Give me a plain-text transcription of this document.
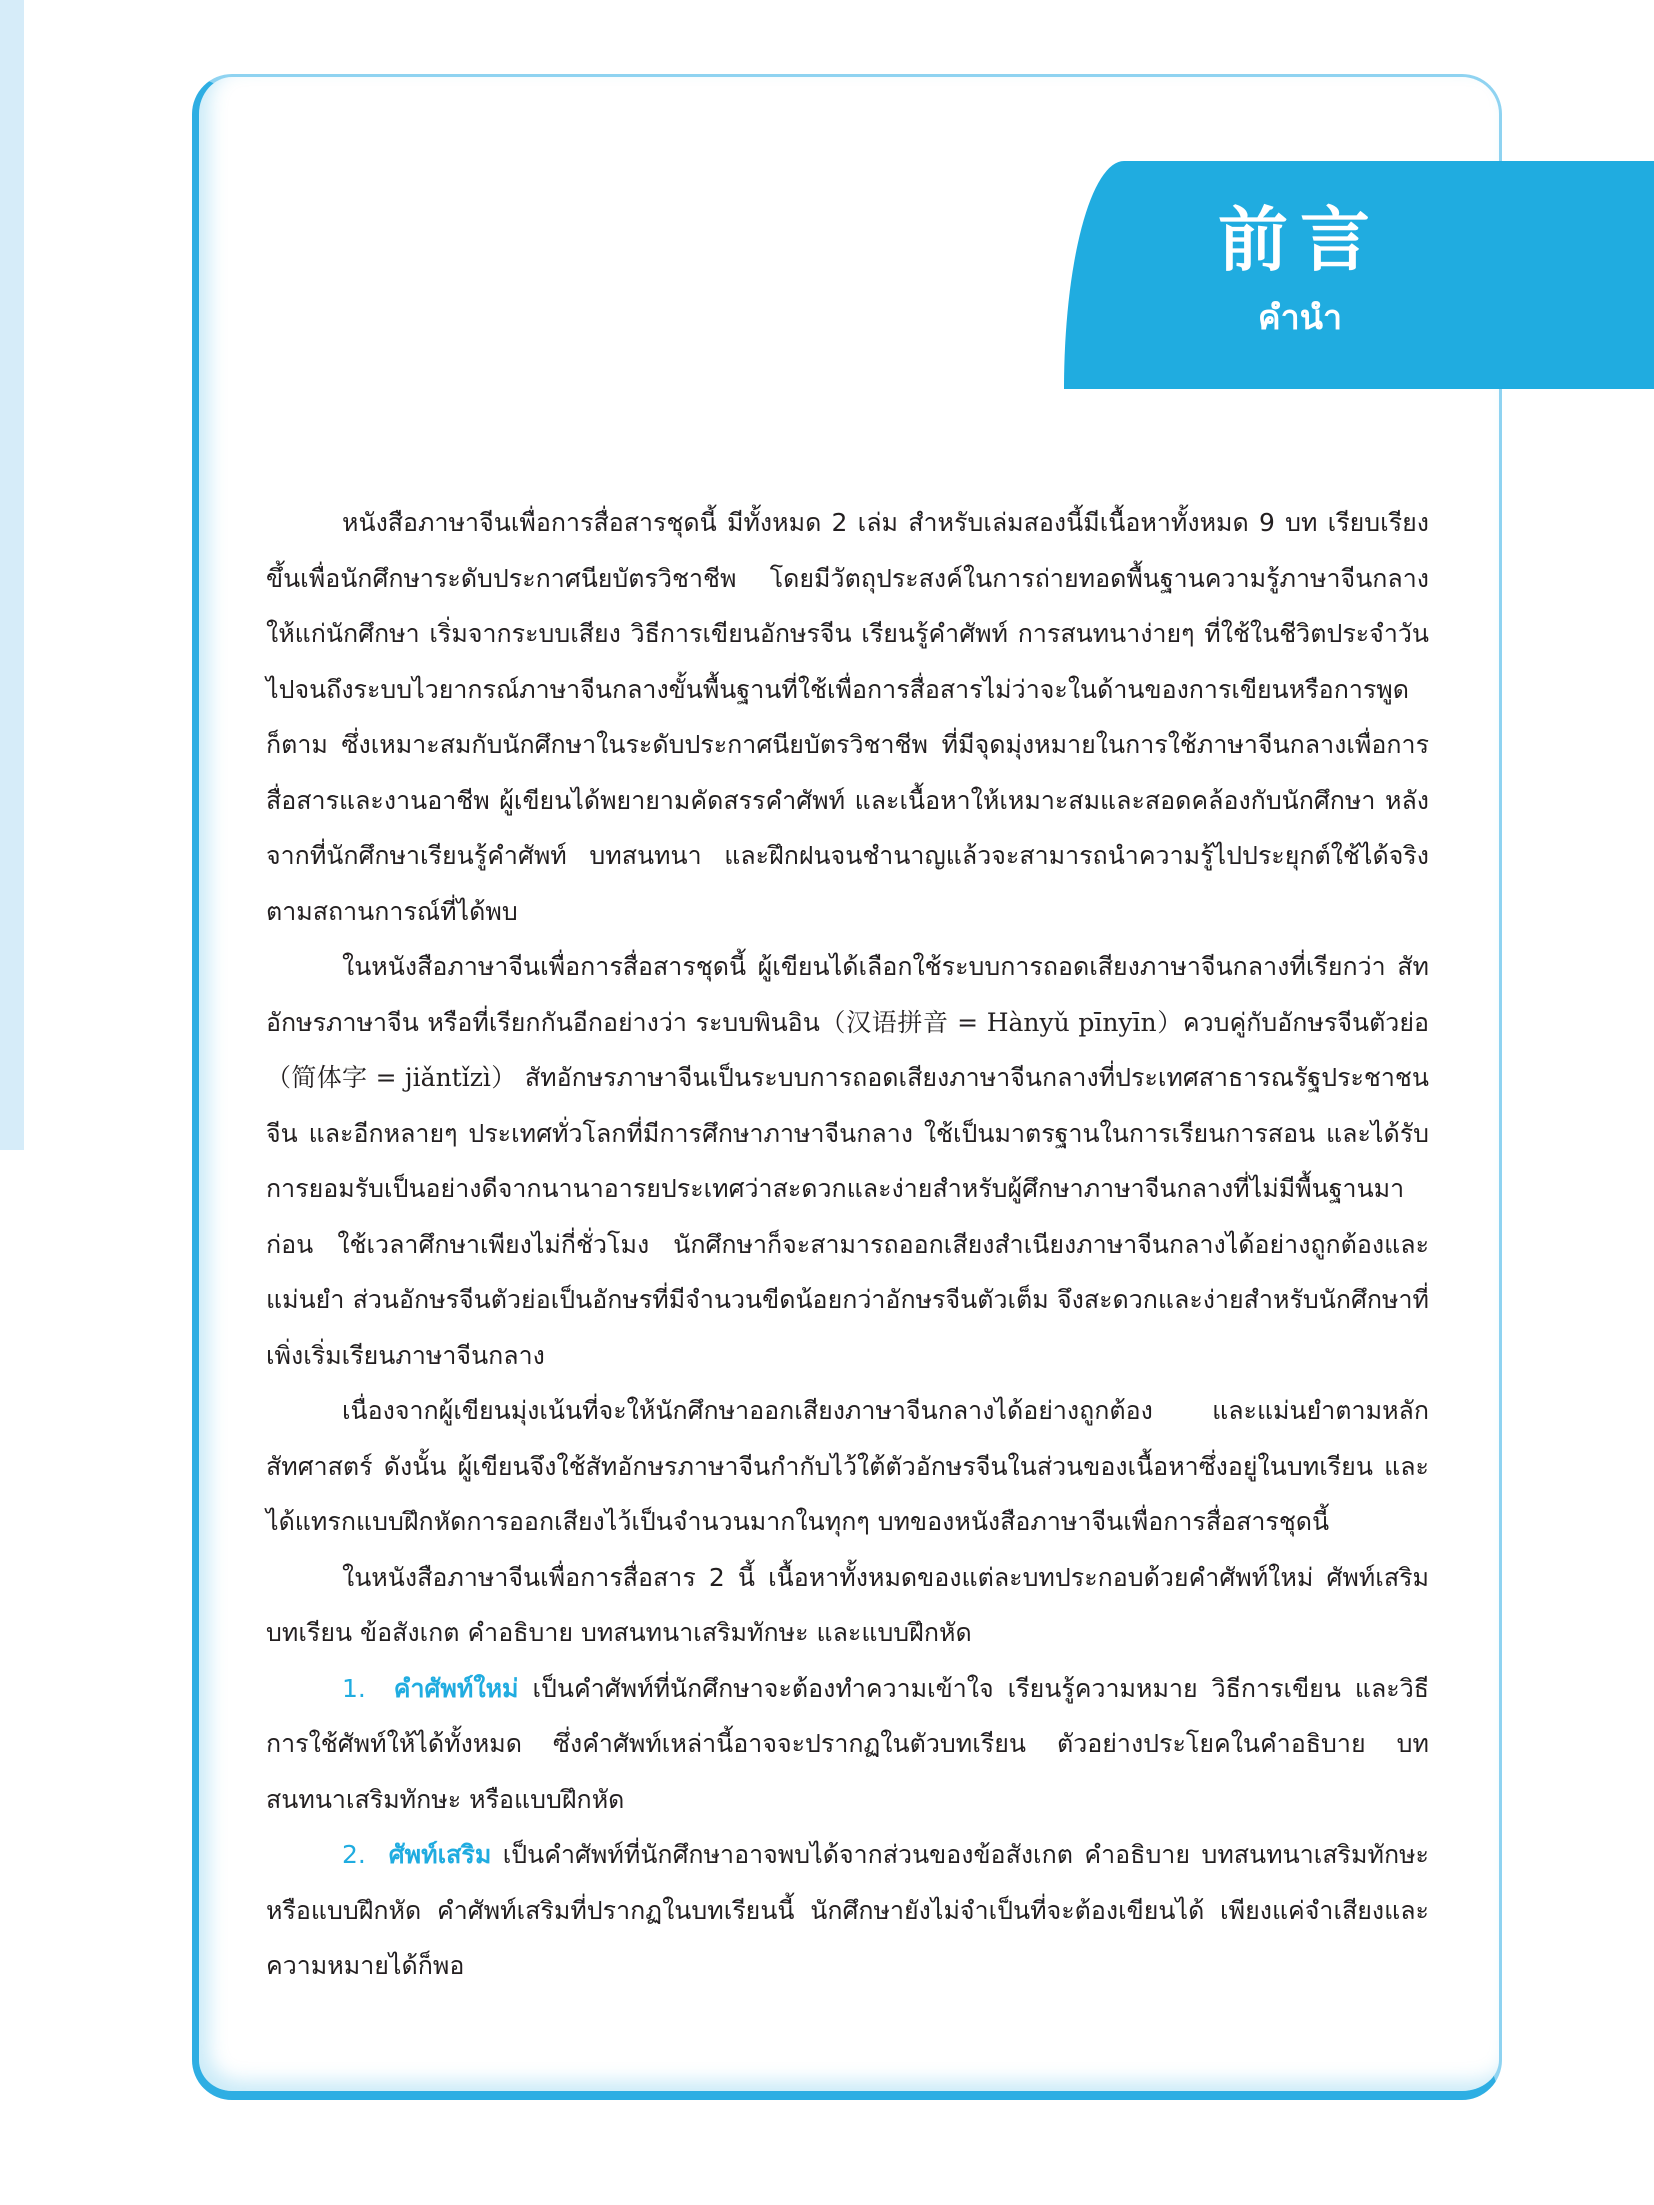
前言
คำนำ

หนังสือภาษาจีนเพื่อการสื่อสารชุดนี้ มีทั้งหมด 2 เล่ม สำหรับเล่มสองนี้มีเนื้อหาทั้งหมด 9 บท เรียบเรียงขึ้นเพื่อนักศึกษาระดับประกาศนียบัตรวิชาชีพ โดยมีวัตถุประสงค์ในการถ่ายทอดพื้นฐานความรู้ภาษาจีนกลางให้แก่นักศึกษา เริ่มจากระบบเสียง วิธีการเขียนอักษรจีน เรียนรู้คำศัพท์ การสนทนาง่ายๆ ที่ใช้ในชีวิตประจำวัน ไปจนถึงระบบไวยากรณ์ภาษาจีนกลางขั้นพื้นฐานที่ใช้เพื่อการสื่อสารไม่ว่าจะในด้านของการเขียนหรือการพูดก็ตาม ซึ่งเหมาะสมกับนักศึกษาในระดับประกาศนียบัตรวิชาชีพ ที่มีจุดมุ่งหมายในการใช้ภาษาจีนกลางเพื่อการสื่อสารและงานอาชีพ ผู้เขียนได้พยายามคัดสรรคำศัพท์ และเนื้อหาให้เหมาะสมและสอดคล้องกับนักศึกษา หลังจากที่นักศึกษาเรียนรู้คำศัพท์ บทสนทนา และฝึกฝนจนชำนาญแล้วจะสามารถนำความรู้ไปประยุกต์ใช้ได้จริงตามสถานการณ์ที่ได้พบ

ในหนังสือภาษาจีนเพื่อการสื่อสารชุดนี้ ผู้เขียนได้เลือกใช้ระบบการถอดเสียงภาษาจีนกลางที่เรียกว่า สัทอักษรภาษาจีน หรือที่เรียกกันอีกอย่างว่า ระบบพินอิน（汉语拼音 = Hànyǔ pīnyīn）ควบคู่กับอักษรจีนตัวย่อ（简体字 = jiǎntǐzì） สัทอักษรภาษาจีนเป็นระบบการถอดเสียงภาษาจีนกลางที่ประเทศสาธารณรัฐประชาชนจีน และอีกหลายๆ ประเทศทั่วโลกที่มีการศึกษาภาษาจีนกลาง ใช้เป็นมาตรฐานในการเรียนการสอน และได้รับการยอมรับเป็นอย่างดีจากนานาอารยประเทศว่าสะดวกและง่ายสำหรับผู้ศึกษาภาษาจีนกลางที่ไม่มีพื้นฐานมาก่อน ใช้เวลาศึกษาเพียงไม่กี่ชั่วโมง นักศึกษาก็จะสามารถออกเสียงสำเนียงภาษาจีนกลางได้อย่างถูกต้องและแม่นยำ ส่วนอักษรจีนตัวย่อเป็นอักษรที่มีจำนวนขีดน้อยกว่าอักษรจีนตัวเต็ม จึงสะดวกและง่ายสำหรับนักศึกษาที่เพิ่งเริ่มเรียนภาษาจีนกลาง

เนื่องจากผู้เขียนมุ่งเน้นที่จะให้นักศึกษาออกเสียงภาษาจีนกลางได้อย่างถูกต้อง และแม่นยำตามหลักสัทศาสตร์ ดังนั้น ผู้เขียนจึงใช้สัทอักษรภาษาจีนกำกับไว้ใต้ตัวอักษรจีนในส่วนของเนื้อหาซึ่งอยู่ในบทเรียน และได้แทรกแบบฝึกหัดการออกเสียงไว้เป็นจำนวนมากในทุกๆ บทของหนังสือภาษาจีนเพื่อการสื่อสารชุดนี้

ในหนังสือภาษาจีนเพื่อการสื่อสาร 2 นี้ เนื้อหาทั้งหมดของแต่ละบทประกอบด้วยคำศัพท์ใหม่ ศัพท์เสริม บทเรียน ข้อสังเกต คำอธิบาย บทสนทนาเสริมทักษะ และแบบฝึกหัด

1. คำศัพท์ใหม่ เป็นคำศัพท์ที่นักศึกษาจะต้องทำความเข้าใจ เรียนรู้ความหมาย วิธีการเขียน และวิธีการใช้ศัพท์ให้ได้ทั้งหมด ซึ่งคำศัพท์เหล่านี้อาจจะปรากฏในตัวบทเรียน ตัวอย่างประโยคในคำอธิบาย บทสนทนาเสริมทักษะ หรือแบบฝึกหัด

2. ศัพท์เสริม เป็นคำศัพท์ที่นักศึกษาอาจพบได้จากส่วนของข้อสังเกต คำอธิบาย บทสนทนาเสริมทักษะ หรือแบบฝึกหัด คำศัพท์เสริมที่ปรากฏในบทเรียนนี้ นักศึกษายังไม่จำเป็นที่จะต้องเขียนได้ เพียงแค่จำเสียงและความหมายได้ก็พอ
